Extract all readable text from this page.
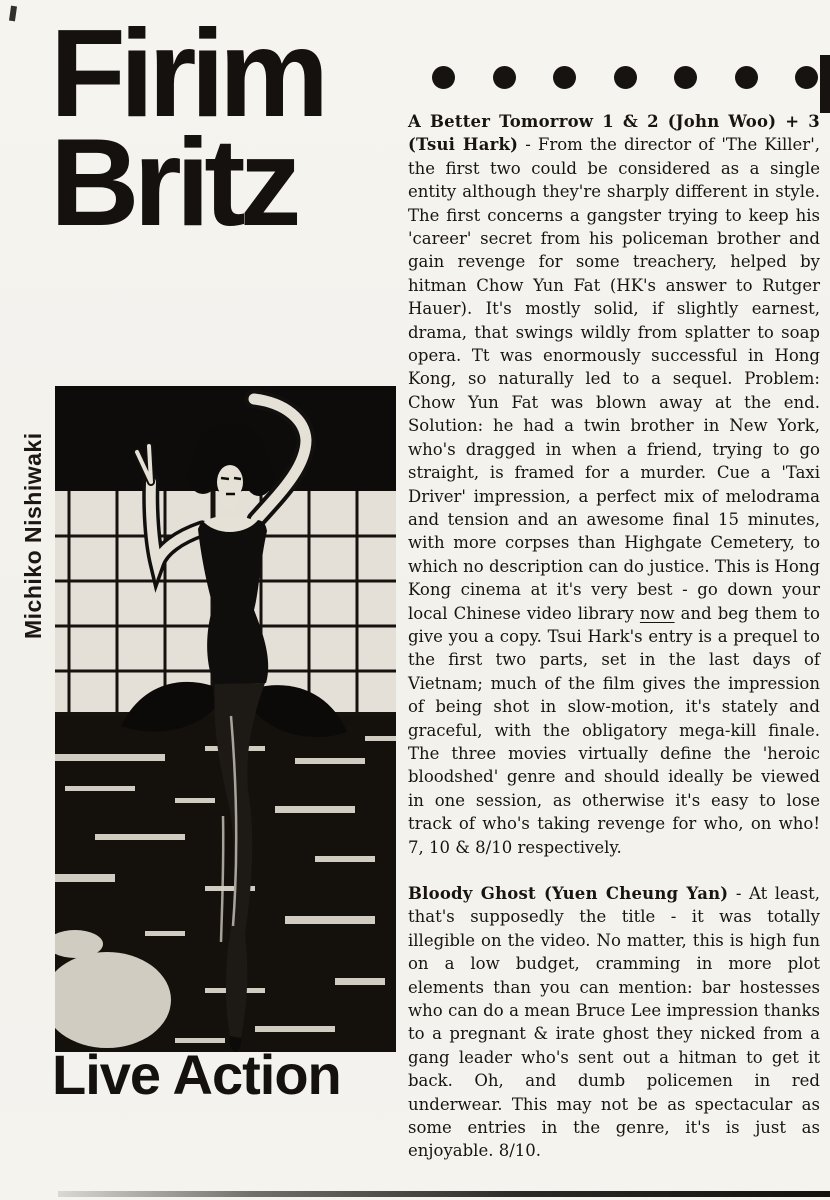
Firim
Britz	A Better Tomorrow 1 & 2 (John Woo) + 3 (Tsui Hark) - From the director of 'The Killer', the first two could be considered as a single entity although they're sharply different in style. The first concerns a gangster trying to keep his 'career' secret from his policeman brother and gain revenge for some treachery, helped by hitman Chow Yun Fat (HK's answer to Rutger Hauer). It's mostly solid, if slightly earnest, drama, that swings wildly from splatter to soap opera. Tt was enormously successful in Hong Kong, so naturally led to a sequel. Problem: Chow Yun Fat was blown away at the end. Solution: he had a twin brother in New York, who's dragged in when a friend, trying to go straight, is framed for a murder. Cue a 'Taxi Driver' impression, a perfect mix of melodrama and tension and an awesome final 15 minutes, with more corpses than Highgate Cemetery, to which no description can do justice. This is Hong Kong cinema at it's very best - go down your local Chinese video library now and beg them to give you a copy. Tsui Hark's entry is a prequel to the first two parts, set in the last days of Vietnam; much of the film gives the impression of being shot in slow-motion, it's stately and graceful, with the obligatory mega-kill finale. The three movies virtually define the 'heroic bloodshed' genre and should ideally be viewed in one session, as otherwise it's easy to lose track of who's taking revenge for who, on who! 7, 10 & 8/10 respectively.

Bloody Ghost (Yuen Cheung Yan) - At least, that's supposedly the title - it was totally illegible on the video. No matter, this is high fun on a low budget, cramming in more plot elements than you can mention: bar hostesses who can do a mean Bruce Lee impression thanks to a pregnant & irate ghost they nicked from a gang leader who's sent out a hitman to get it back. Oh, and dumb policemen in red underwear. This may not be as spectacular as some entries in the genre, it's is just as enjoyable. 8/10.

Michiko Nishiwaki
Live Action
